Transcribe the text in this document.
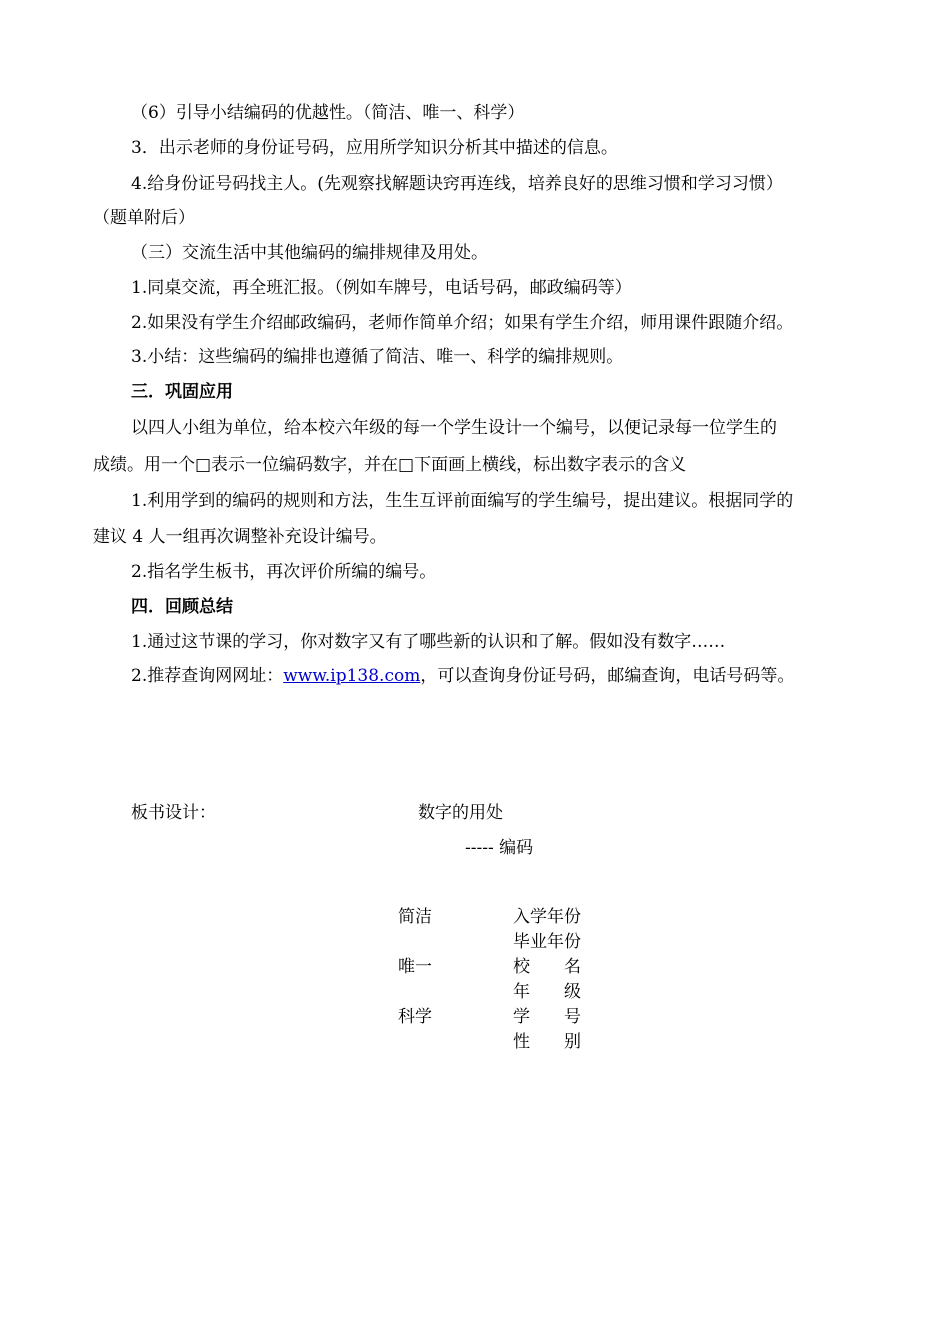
（6）引导小结编码的优越性。（简洁、唯一、科学）
3．出示老师的身份证号码，应用所学知识分析其中描述的信息。
4.给身份证号码找主人。(先观察找解题诀窍再连线，培养良好的思维习惯和学习习惯）
（题单附后）
（三）交流生活中其他编码的编排规律及用处。
1.同桌交流，再全班汇报。（例如车牌号，电话号码，邮政编码等）
2.如果没有学生介绍邮政编码，老师作简单介绍；如果有学生介绍，师用课件跟随介绍。
3.小结：这些编码的编排也遵循了简洁、唯一、科学的编排规则。
三．巩固应用
以四人小组为单位，给本校六年级的每一个学生设计一个编号，以便记录每一位学生的
成绩。用一个□表示一位编码数字，并在□下面画上横线，标出数字表示的含义
1.利用学到的编码的规则和方法，生生互评前面编写的学生编号，提出建议。根据同学的
建议 4 人一组再次调整补充设计编号。
2.指名学生板书，再次评价所编的编号。
四．回顾总结
1.通过这节课的学习，你对数字又有了哪些新的认识和了解。假如没有数字……
2.推荐查询网网址：www.ip138.com，可以查询身份证号码，邮编查询，电话号码等。
板书设计：	数字的用处
----- 编码
简洁
唯一
科学
入学年份
毕业年份
校　　名
年　　级
学　　号
性　　别
